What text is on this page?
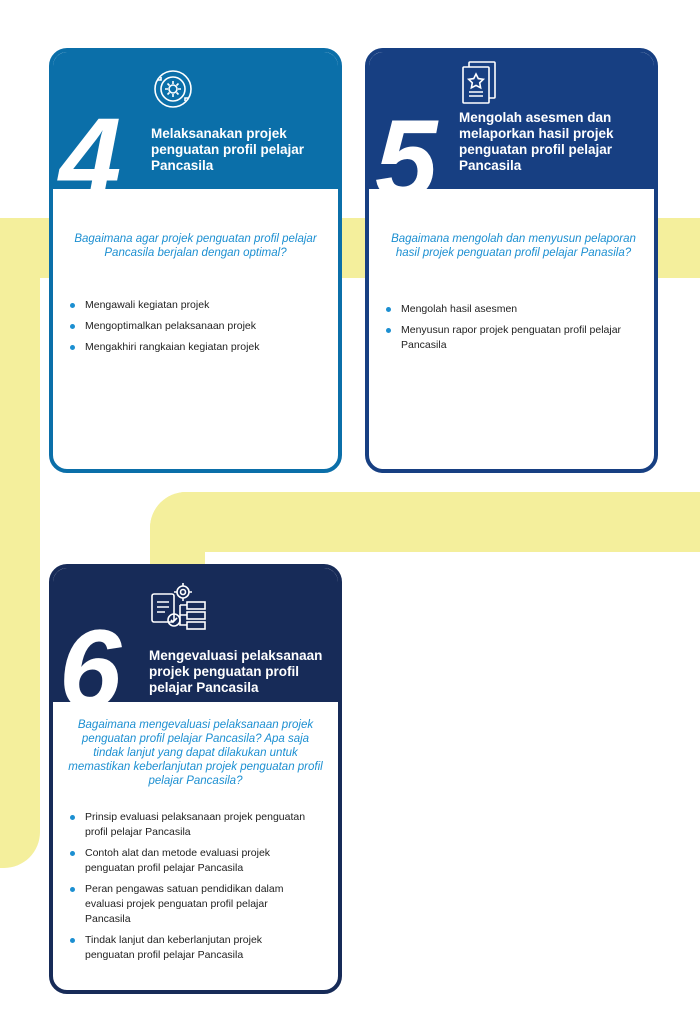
4 Melaksanakan projek penguatan profil pelajar Pancasila
Bagaimana agar projek penguatan profil pelajar Pancasila berjalan dengan optimal?
Mengawali kegiatan projek
Mengoptimalkan pelaksanaan projek
Mengakhiri rangkaian kegiatan projek
5 Mengolah asesmen dan melaporkan hasil projek penguatan profil pelajar Pancasila
Bagaimana mengolah dan menyusun pelaporan hasil projek penguatan profil pelajar Panasila?
Mengolah hasil asesmen
Menyusun rapor projek penguatan profil pelajar Pancasila
6 Mengevaluasi pelaksanaan projek penguatan profil pelajar Pancasila
Bagaimana mengevaluasi pelaksanaan projek penguatan profil pelajar Pancasila? Apa saja tindak lanjut yang dapat dilakukan untuk memastikan keberlanjutan projek penguatan profil pelajar Pancasila?
Prinsip evaluasi pelaksanaan projek penguatan profil pelajar Pancasila
Contoh alat dan metode evaluasi projek penguatan profil pelajar Pancasila
Peran pengawas satuan pendidikan dalam evaluasi projek penguatan profil pelajar Pancasila
Tindak lanjut dan keberlanjutan projek penguatan profil pelajar Pancasila
